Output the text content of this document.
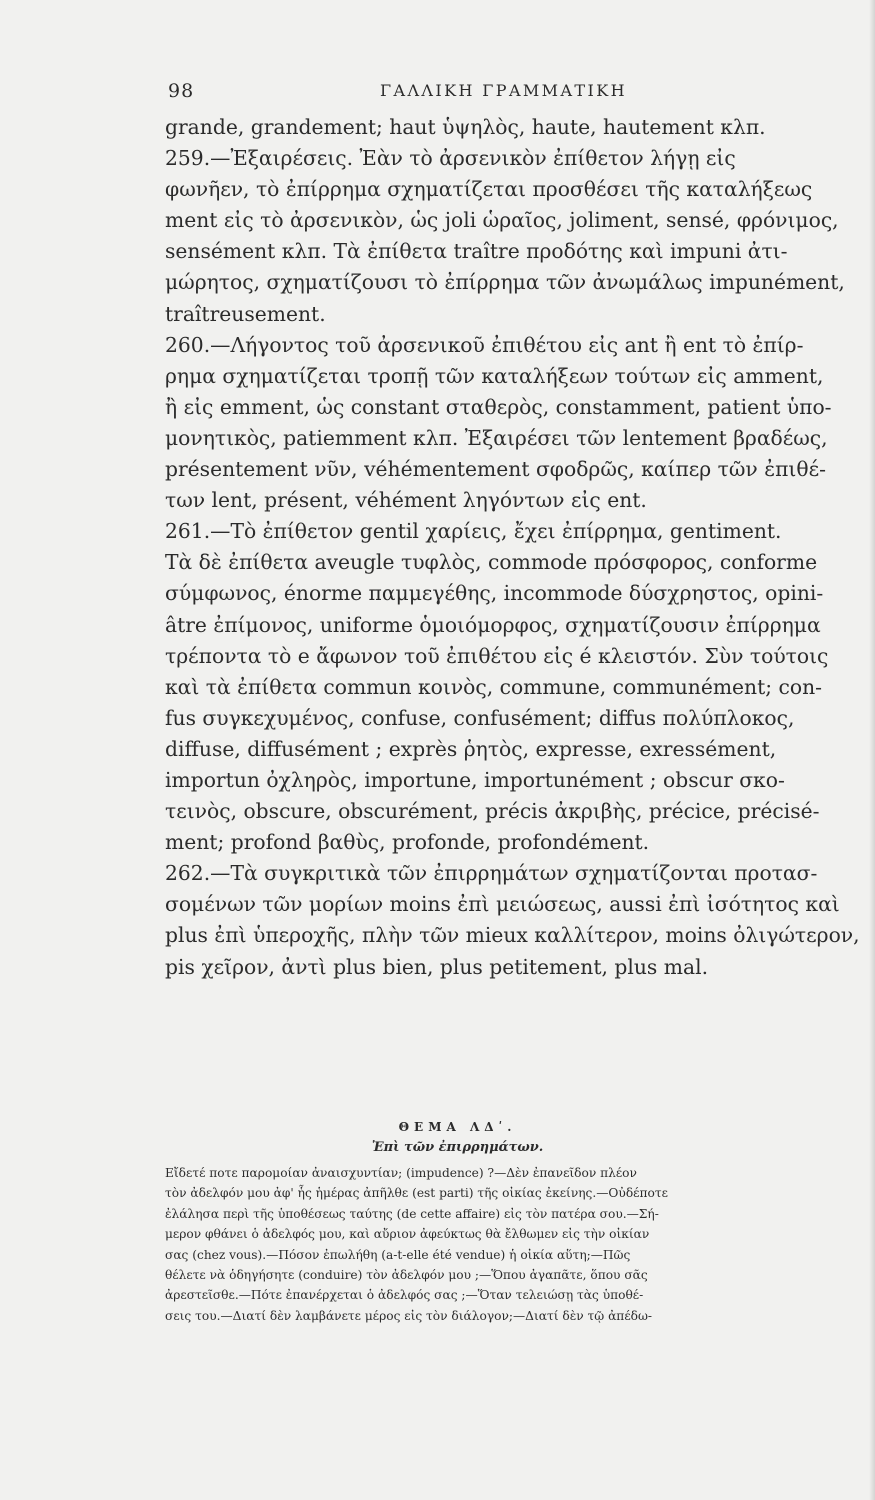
98	ΓΑΛΛΙΚΗ ΓΡΑΜΜΑΤΙΚΗ
grande, grandement; haut ὑψηλὸς, haute, hautement κλπ.
259.—Ἐξαιρέσεις. Ἐὰν τὸ ἀρσενικὸν ἐπίθετον λήγῃ εἰς
φωνῆεν, τὸ ἐπίρρημα σχηματίζεται προσθέσει τῆς καταλήξεως
ment εἰς τὸ ἀρσενικὸν, ὡς joli ὡραῖος, joliment, sensé, φρόνιμος,
sensément κλπ. Τὰ ἐπίθετα traître προδότης καὶ impuni ἀτι-
μώρητος, σχηματίζουσι τὸ ἐπίρρημα τῶν ἀνωμάλως impunément,
traîtreusement.
260.—Λήγοντος τοῦ ἀρσενικοῦ ἐπιθέτου εἰς ant ἢ ent τὸ ἐπίρ-
ρημα σχηματίζεται τροπῇ τῶν καταλήξεων τούτων εἰς amment,
ἢ εἰς emment, ὡς constant σταθερὸς, constamment, patient ὑπο-
μονητικὸς, patiemment κλπ. Ἐξαιρέσει τῶν lentement βραδέως,
présentement νῦν, véhémentement σφοδρῶς, καίπερ τῶν ἐπιθέ-
των lent, présent, véhément ληγόντων εἰς ent.
261.—Τὸ ἐπίθετον gentil χαρίεις, ἔχει ἐπίρρημα, gentiment.
Τὰ δὲ ἐπίθετα aveugle τυφλὸς, commode πρόσφορος, conforme
σύμφωνος, énorme παμμεγέθης, incommode δύσχρηστος, opini-
âtre ἐπίμονος, uniforme ὁμοιόμορφος, σχηματίζουσιν ἐπίρρημα
τρέποντα τὸ e ἄφωνον τοῦ ἐπιθέτου εἰς é κλειστόν. Σὺν τούτοις
καὶ τὰ ἐπίθετα commun κοινὸς, commune, communément; con-
fus συγκεχυμένος, confuse, confusément; diffus πολύπλοκος,
diffuse, diffusément ; exprès ῥητὸς, expresse, exressément,
importun ὀχληρὸς, importune, importunément ; obscur σκο-
τεινὸς, obscure, obscurément, précis ἀκριβὴς, précice, précisé-
ment; profond βαθὺς, profonde, profondément.
262.—Τὰ συγκριτικὰ τῶν ἐπιρρημάτων σχηματίζονται προτασ-
σομένων τῶν μορίων moins ἐπὶ μειώσεως, aussi ἐπὶ ἰσότητος καὶ
plus ἐπὶ ὑπεροχῆς, πλὴν τῶν mieux καλλίτερον, moins ὀλιγώτερον,
pis χεῖρον, ἀντὶ plus bien, plus petitement, plus mal.
ΘΕΜΑ ΛΔʹ.
Ἐπὶ τῶν ἐπιρρημάτων.
Εἴδετέ ποτε παρομοίαν ἀναισχυντίαν; (impudence) ?—Δὲν ἐπανεῖδον πλέον
τὸν ἀδελφόν μου ἀφ' ἧς ἡμέρας ἀπῆλθε (est parti) τῆς οἰκίας ἐκείνης.—Οὐδέποτε
ἐλάλησα περὶ τῆς ὑποθέσεως ταύτης (de cette affaire) εἰς τὸν πατέρα σου.—Σή-
μερον φθάνει ὁ ἀδελφός μου, καὶ αὔριον ἀφεύκτως θὰ ἔλθωμεν εἰς τὴν οἰκίαν
σας (chez vous).—Πόσον ἐπωλήθη (a-t-elle été vendue) ἡ οἰκία αὕτη;—Πῶς
θέλετε νὰ ὁδηγήσητε (conduire) τὸν ἀδελφόν μου ;—Ὅπου ἀγαπᾶτε, ὅπου σᾶς
ἀρεστεῖσθε.—Πότε ἐπανέρχεται ὁ ἀδελφός σας ;—Ὅταν τελειώσῃ τὰς ὑποθέ-
σεις του.—Διατί δὲν λαμβάνετε μέρος εἰς τὸν διάλογον;—Διατί δὲν τῷ ἀπέδω-
